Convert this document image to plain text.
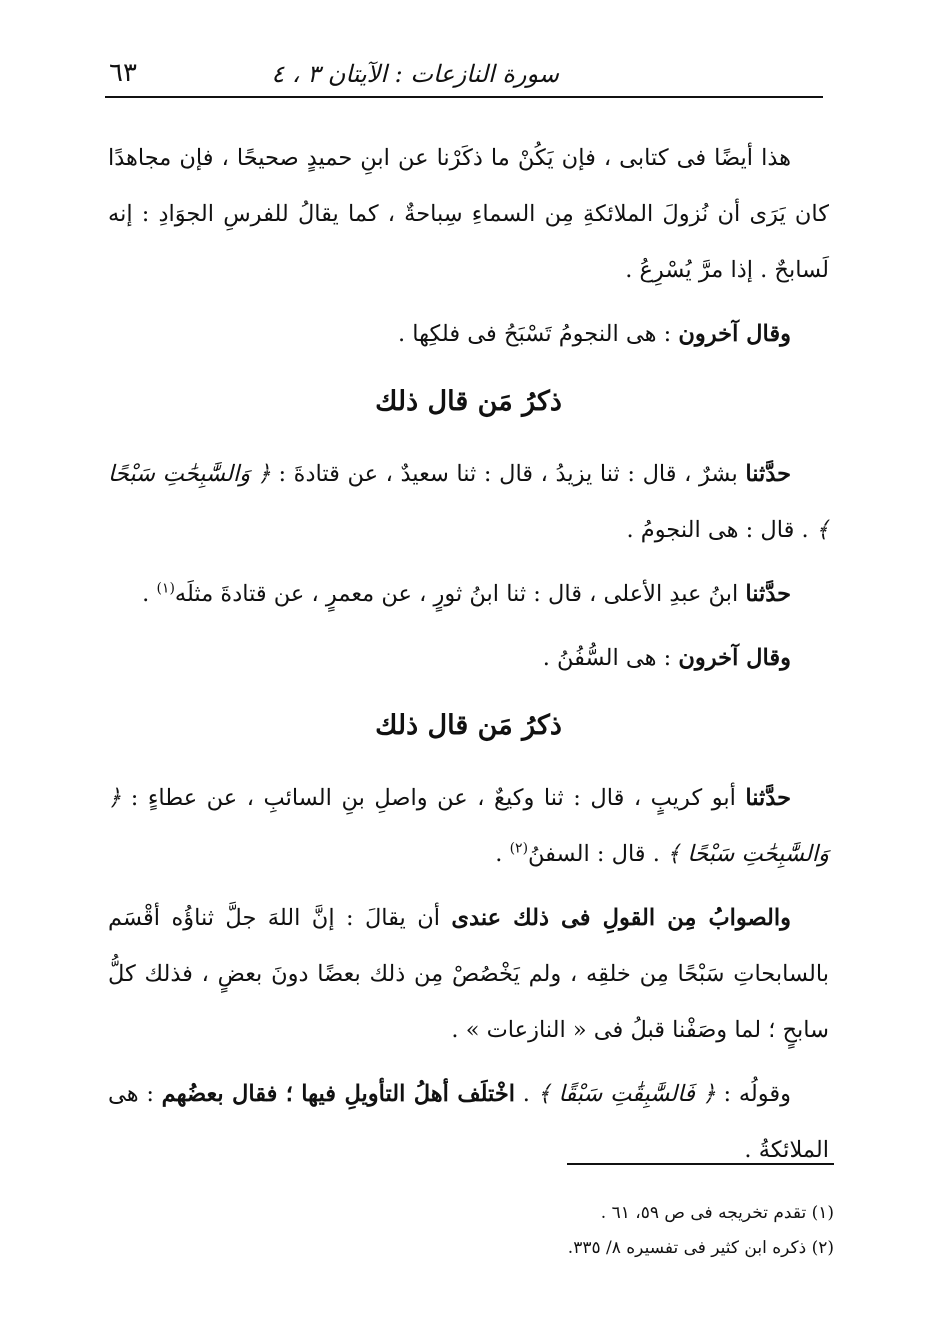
٦٣	سورة النازعات : الآيتان ٣ ، ٤

هذا أيضًا فى كتابى ، فإن يَكُنْ ما ذكَرْنا عن ابنِ حميدٍ صحيحًا ، فإن مجاهدًا كان يَرَى أن نُزولَ الملائكةِ مِن السماءِ سِباحةٌ ، كما يقالُ للفرسِ الجوَادِ : إنه لَسابحٌ . إذا مرَّ يُسْرِعُ .

وقال آخرون : هى النجومُ تَسْبَحُ فى فلكِها .

ذكرُ مَن قال ذلك

حدَّثنا بشرٌ ، قال : ثنا يزيدُ ، قال : ثنا سعيدٌ ، عن قتادةَ : ﴿ وَالسَّٰبِحَٰتِ سَبْحًا ﴾ . قال : هى النجومُ .

حدَّثنا ابنُ عبدِ الأعلى ، قال : ثنا ابنُ ثورٍ ، عن معمرٍ ، عن قتادةَ مثلَه$^{(١)}$ .

وقال آخرون : هى السُّفُنُ .

ذكرُ مَن قال ذلك

حدَّثنا أبو كريبٍ ، قال : ثنا وكيعٌ ، عن واصلِ بنِ السائبِ ، عن عطاءٍ : ﴿ وَالسَّٰبِحَٰتِ سَبْحًا ﴾ . قال : السفنُ$^{(٢)}$ .

والصوابُ مِن القولِ فى ذلك عندى أن يقالَ : إنَّ اللهَ جلَّ ثناؤُه أقْسَم بالسابحاتِ سَبْحًا مِن خلقِه ، ولم يَخْصُصْ مِن ذلك بعضًا دونَ بعضٍ ، فذلك كلُّ سابحٍ ؛ لما وصَفْنا قبلُ فى « النازعات » .

وقولُه : ﴿ فَالسَّٰبِقَٰتِ سَبْقًا ﴾ . اخْتلَف أهلُ التأويلِ فيها ؛ فقال بعضُهم : هى الملائكةُ .

(١) تقدم تخريجه فى ص ٥٩، ٦١ .

(٢) ذكره ابن كثير فى تفسيره ٨/ ٣٣٥.
